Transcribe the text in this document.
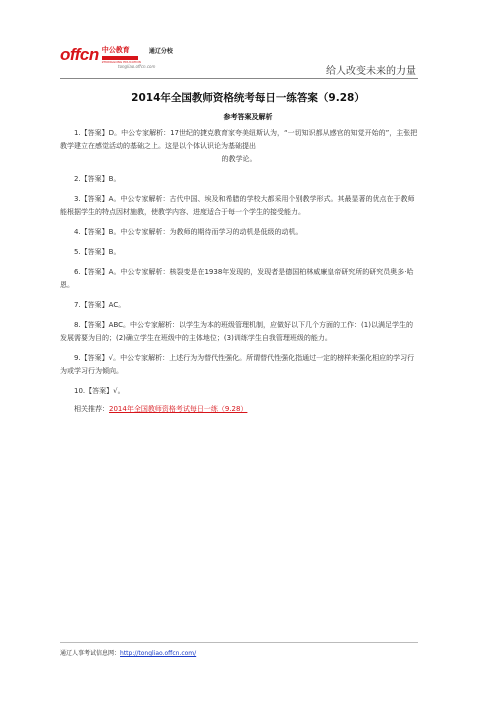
offcn 中公教育
ZHONGGONG EDUCATION
通辽分校
tongliao.offcn.com	给人改变未来的力量
2014年全国教师资格统考每日一练答案（9.28）
参考答案及解析

1.【答案】D。中公专家解析：17世纪的捷克教育家夸美纽斯认为，“一切知识都从感官的知觉开始的”，主张把教学建立在感觉活动的基础之上。这是以个体认识论为基础提出
的教学论。

2.【答案】B。

3.【答案】A。中公专家解析：古代中国、埃及和希腊的学校大都采用个别教学形式。其最显著的优点在于教师能根据学生的特点因材施教，使教学内容、进度适合于每一个学生的接受能力。

4.【答案】B。中公专家解析：为教师的期待而学习的动机是低级的动机。

5.【答案】B。

6.【答案】A。中公专家解析：核裂变是在1938年发现的，发现者是德国柏林威廉皇帝研究所的研究员奥多·哈恩。

7.【答案】AC。

8.【答案】ABC。中公专家解析：以学生为本的班级管理机制，应做好以下几个方面的工作：(1)以满足学生的发展需要为目的；(2)确立学生在班级中的主体地位；(3)训练学生自我管理班级的能力。

9.【答案】√。中公专家解析：上述行为为替代性强化。所谓替代性强化指通过一定的榜样来强化相应的学习行为或学习行为倾向。

10.【答案】√。

相关推荐：2014年全国教师资格考试每日一练（9.28）

通辽人事考试信息网：http://tongliao.offcn.com/
